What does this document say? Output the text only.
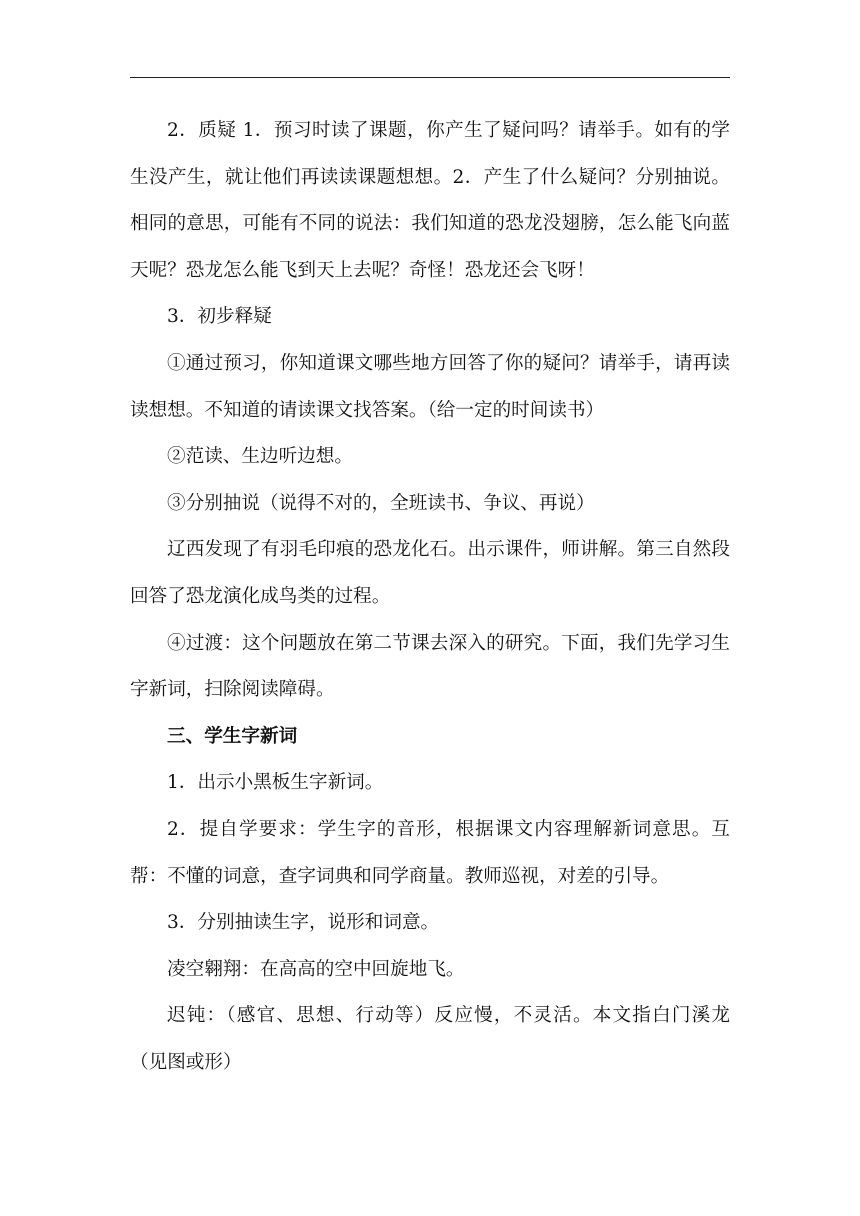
2．质疑 1．预习时读了课题，你产生了疑问吗？请举手。如有的学生没产生，就让他们再读读课题想想。2．产生了什么疑问？分别抽说。相同的意思，可能有不同的说法：我们知道的恐龙没翅膀，怎么能飞向蓝天呢？恐龙怎么能飞到天上去呢？奇怪！恐龙还会飞呀！

3．初步释疑

①通过预习，你知道课文哪些地方回答了你的疑问？请举手，请再读读想想。不知道的请读课文找答案。（给一定的时间读书）

②范读、生边听边想。

③分别抽说（说得不对的，全班读书、争议、再说）

辽西发现了有羽毛印痕的恐龙化石。出示课件，师讲解。第三自然段回答了恐龙演化成鸟类的过程。

④过渡：这个问题放在第二节课去深入的研究。下面，我们先学习生字新词，扫除阅读障碍。

三、学生字新词

1．出示小黑板生字新词。

2．提自学要求：学生字的音形，根据课文内容理解新词意思。互帮：不懂的词意，查字词典和同学商量。教师巡视，对差的引导。

3．分别抽读生字，说形和词意。

凌空翱翔：在高高的空中回旋地飞。

迟钝：（感官、思想、行动等）反应慢，不灵活。本文指白门溪龙（见图或形）
